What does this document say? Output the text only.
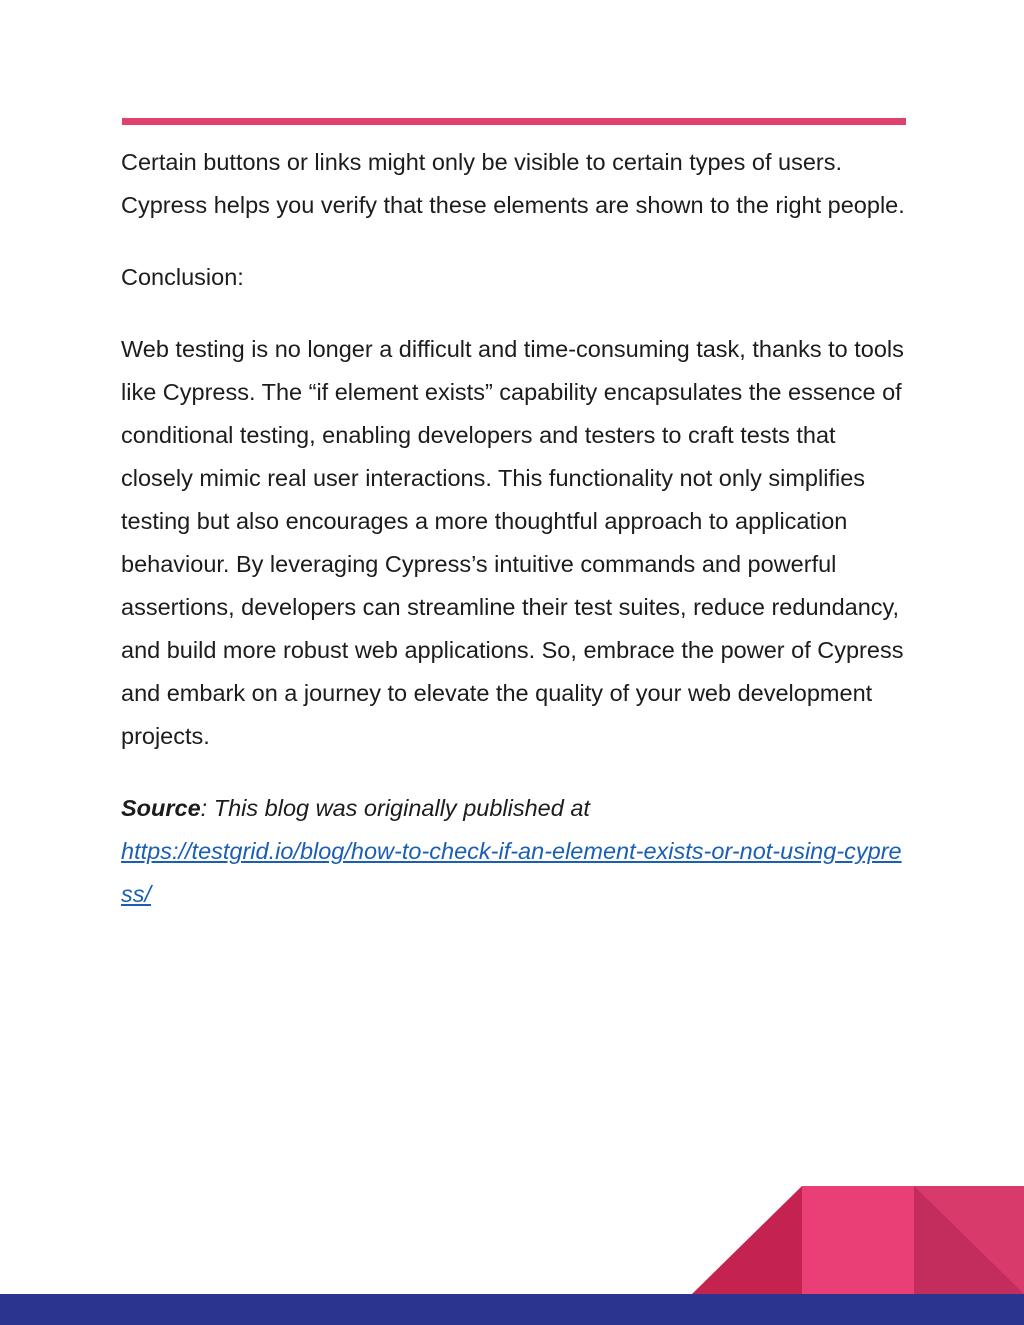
Certain buttons or links might only be visible to certain types of users. Cypress helps you verify that these elements are shown to the right people.

Conclusion:

Web testing is no longer a difficult and time-consuming task, thanks to tools like Cypress. The “if element exists” capability encapsulates the essence of conditional testing, enabling developers and testers to craft tests that closely mimic real user interactions. This functionality not only simplifies testing but also encourages a more thoughtful approach to application behaviour. By leveraging Cypress’s intuitive commands and powerful assertions, developers can streamline their test suites, reduce redundancy, and build more robust web applications. So, embrace the power of Cypress and embark on a journey to elevate the quality of your web development projects.

Source: This blog was originally published at
https://testgrid.io/blog/how-to-check-if-an-element-exists-or-not-using-cypress/
